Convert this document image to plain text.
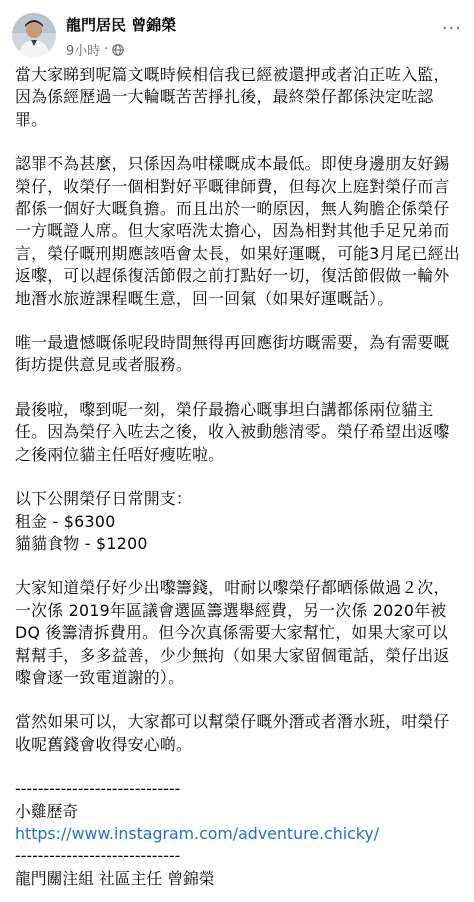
龍門居民 曾錦榮
9小時 ·
···

當大家睇到呢篇文嘅時候相信我已經被還押或者泊正咗入監，因為係經歷過一大輪嘅苦苦掙扎後，最終榮仔都係決定咗認罪。

認罪不為甚麼，只係因為咁樣嘅成本最低。即使身邊朋友好錫榮仔，收榮仔一個相對好平嘅律師費，但每次上庭對榮仔而言都係一個好大嘅負擔。而且出於一啲原因，無人夠膽企係榮仔一方嘅證人席。但大家唔洗太擔心，因為相對其他手足兄弟而言，榮仔嘅刑期應該唔會太長，如果好運嘅，可能3月尾已經出返嚟，可以趕係復活節假之前打點好一切，復活節假做一輪外地潛水旅遊課程嘅生意，回一回氣（如果好運嘅話）。

唯一最遺憾嘅係呢段時間無得再回應街坊嘅需要，為有需要嘅街坊提供意見或者服務。

最後啦，嚟到呢一刻，榮仔最擔心嘅事坦白講都係兩位貓主任。因為榮仔入咗去之後，收入被動態清零。榮仔希望出返嚟之後兩位貓主任唔好瘦咗啦。

以下公開榮仔日常開支：
租金 - $6300
貓貓食物 - $1200

大家知道榮仔好少出嚟籌錢，咁耐以嚟榮仔都晒係做過２次，一次係 2019年區議會選區籌選舉經費，另一次係 2020年被 DQ 後籌清拆費用。但今次真係需要大家幫忙，如果大家可以幫幫手，多多益善，少少無拘（如果大家留個電話，榮仔出返嚟會逐一致電道謝的）。

當然如果可以，大家都可以幫榮仔嘅外潛或者潛水班，咁榮仔收呢舊錢會收得安心啲。

-----------------------------

小雞歷奇

https://www.instagram.com/adventure.chicky/
-----------------------------

龍門關注組 社區主任 曾錦榮
